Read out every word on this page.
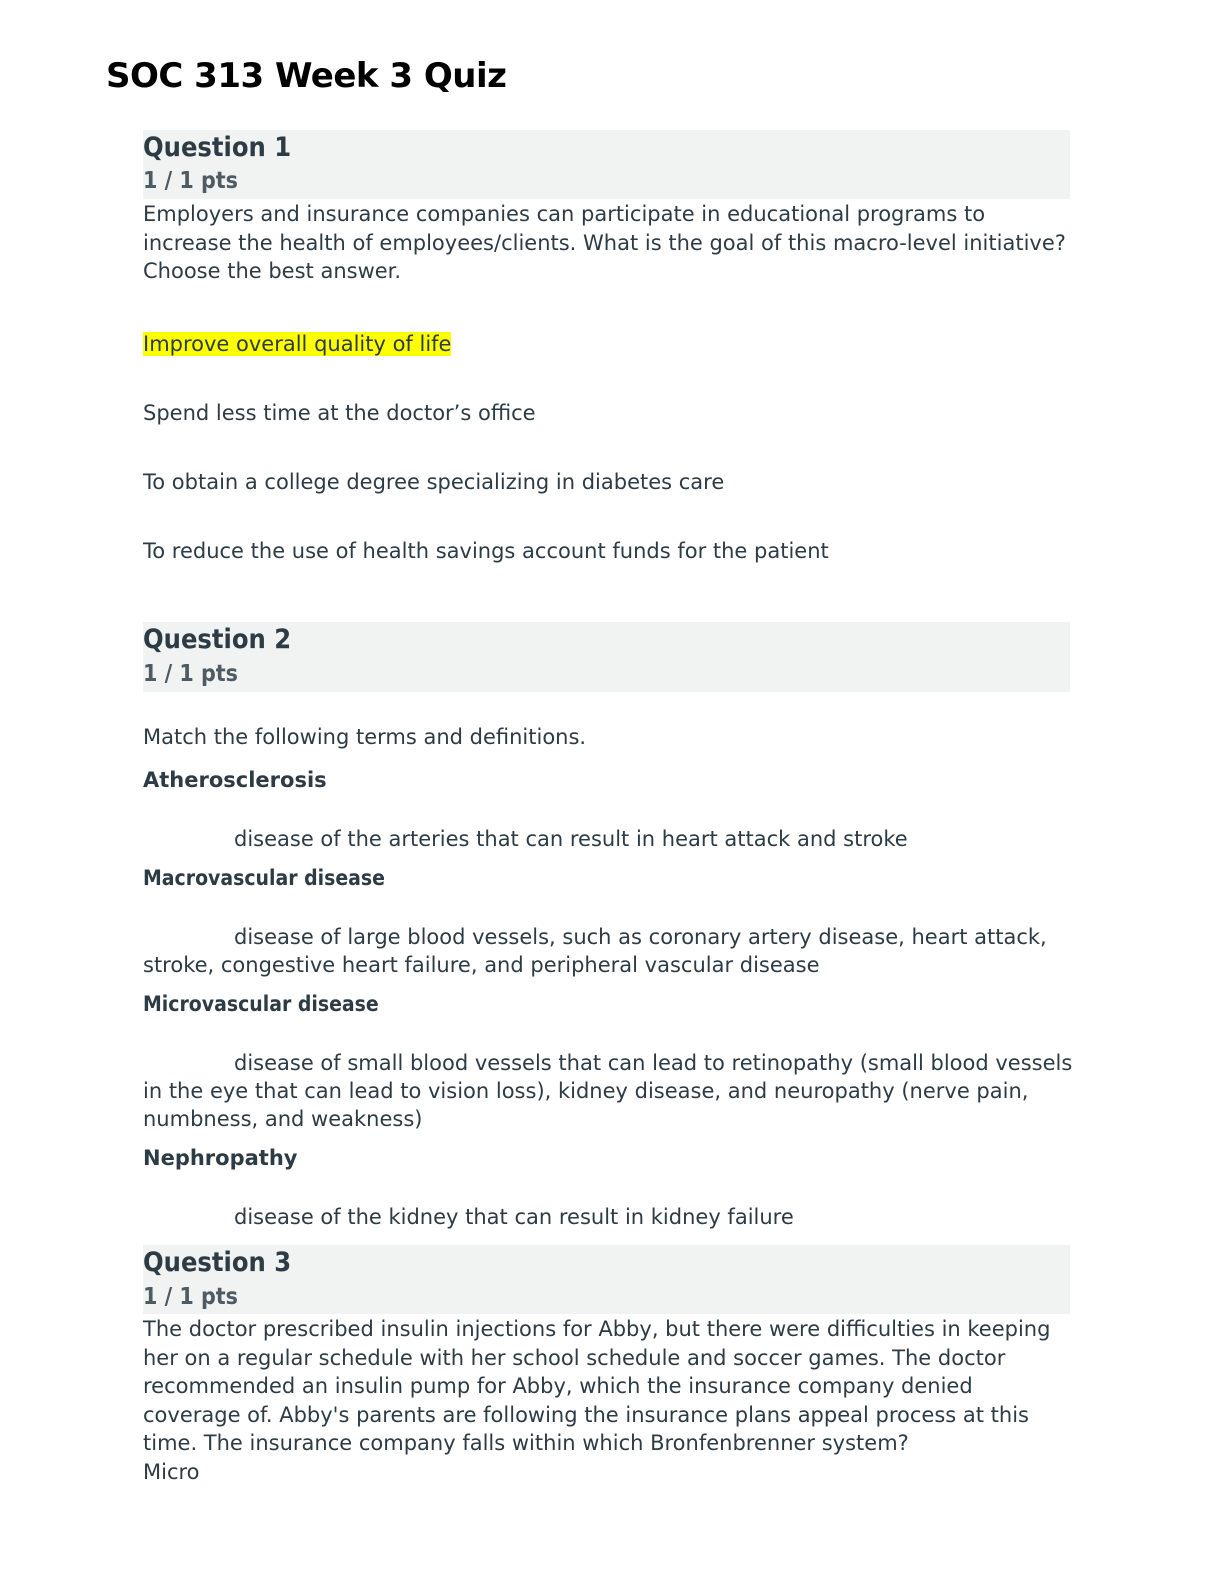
SOC 313 Week 3 Quiz
Question 1
1 / 1 pts

Employers and insurance companies can participate in educational programs to increase the health of employees/clients. What is the goal of this macro-level initiative? Choose the best answer.

Improve overall quality of life
Spend less time at the doctor’s office
To obtain a college degree specializing in diabetes care
To reduce the use of health savings account funds for the patient
Question 2
1 / 1 pts

Match the following terms and definitions.

Atherosclerosis

disease of the arteries that can result in heart attack and stroke

Macrovascular disease

disease of large blood vessels, such as coronary artery disease, heart attack, stroke, congestive heart failure, and peripheral vascular disease

Microvascular disease

disease of small blood vessels that can lead to retinopathy (small blood vessels in the eye that can lead to vision loss), kidney disease, and neuropathy (nerve pain, numbness, and weakness)

Nephropathy

disease of the kidney that can result in kidney failure

Question 3
1 / 1 pts

The doctor prescribed insulin injections for Abby, but there were difficulties in keeping her on a regular schedule with her school schedule and soccer games. The doctor recommended an insulin pump for Abby, which the insurance company denied coverage of. Abby's parents are following the insurance plans appeal process at this time. The insurance company falls within which Bronfenbrenner system?

Micro
